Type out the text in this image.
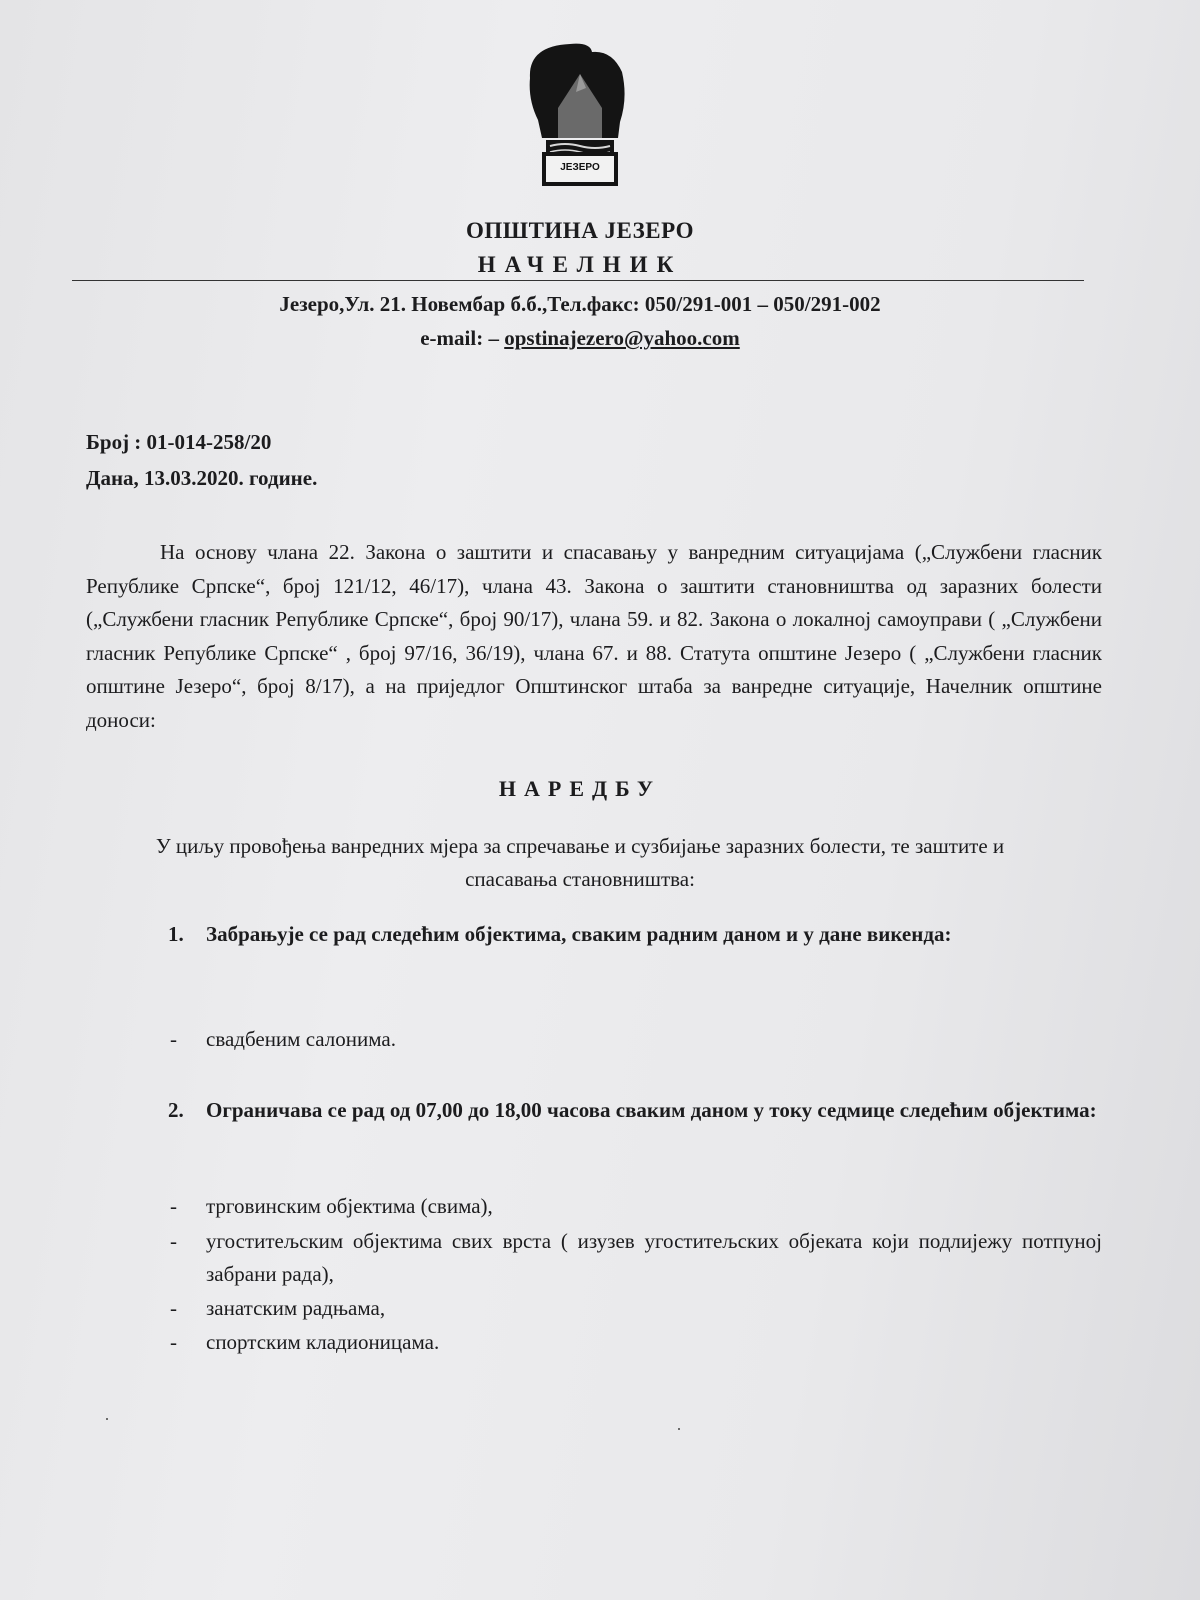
ЈЕЗЕРО
ОПШТИНА ЈЕЗЕРО
НАЧЕЛНИК
Језеро,Ул. 21. Новембар б.б.,Тел.факс: 050/291-001 – 050/291-002
e-mail: – opstinajezero@yahoo.com
Број : 01-014-258/20
Дана, 13.03.2020. године.

На основу члана 22. Закона о заштити и спасавању у ванредним ситуацијама („Службени гласник Републике Српске“, број 121/12, 46/17), члана 43. Закона о заштити становништва од заразних болести („Службени гласник Републике Српске“, број 90/17), члана 59. и 82. Закона о локалној самоуправи ( „Службени гласник Републике Српске“ , број 97/16, 36/19), члана 67. и 88. Статута општине Језеро ( „Службени гласник општине Језеро“, број 8/17), а на приједлог Општинског штаба за ванредне ситуације, Начелник општине доноси:

НАРЕДБУ

У циљу провођења ванредних мјера за спречавање и сузбијање заразних болести, те заштите и спасавања становништва:

1. Забрањује се рад следећим објектима, сваким радним даном и у дане викенда:

- свадбеним салонима.

2. Ограничава се рад од 07,00 до 18,00 часова сваким даном у току седмице следећим објектима:

- трговинским објектима (свима),

- угоститељским објектима свих врста ( изузев угоститељских објеката који подлијежу потпуној забрани рада),

- занатским радњама,

- спортским кладионицама.
